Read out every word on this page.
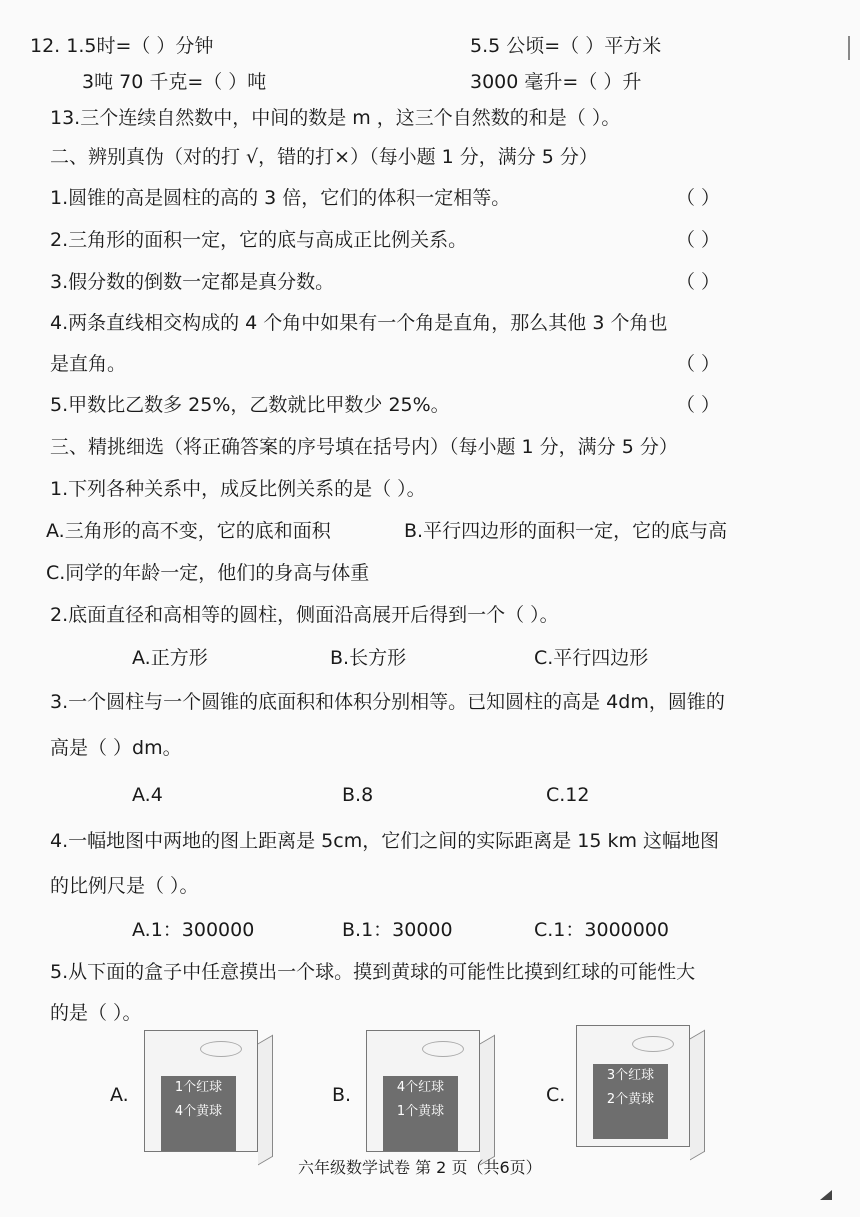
12. 1.5时=（ ）分钟	5.5 公顷=（ ）平方米
3吨 70 千克=（ ）吨	3000 毫升=（ ）升
13.三个连续自然数中，中间的数是 m ，这三个自然数的和是（ ）。
二、辨别真伪（对的打 √，错的打×）（每小题 1 分，满分 5 分）
1.圆锥的高是圆柱的高的 3 倍，它们的体积一定相等。	（ ）
2.三角形的面积一定，它的底与高成正比例关系。	（ ）
3.假分数的倒数一定都是真分数。	（ ）
4.两条直线相交构成的 4 个角中如果有一个角是直角，那么其他 3 个角也
是直角。	（ ）
5.甲数比乙数多 25%，乙数就比甲数少 25%。	（ ）
三、精挑细选（将正确答案的序号填在括号内）（每小题 1 分，满分 5 分）
1.下列各种关系中，成反比例关系的是（ ）。
A.三角形的高不变，它的底和面积	B.平行四边形的面积一定，它的底与高
C.同学的年龄一定，他们的身高与体重
2.底面直径和高相等的圆柱，侧面沿高展开后得到一个（ ）。
A.正方形	B.长方形	C.平行四边形
3.一个圆柱与一个圆锥的底面积和体积分别相等。已知圆柱的高是 4dm，圆锥的
高是（ ）dm。
A.4	B.8	C.12
4.一幅地图中两地的图上距离是 5cm，它们之间的实际距离是 15 km 这幅地图
的比例尺是（ ）。
A.1：300000	B.1：30000	C.1：3000000
5.从下面的盒子中任意摸出一个球。摸到黄球的可能性比摸到红球的可能性大
的是（ ）。
A.	1个红球
4个黄球
B.	4个红球
1个黄球
C.
3个红球
2个黄球
六年级数学试卷 第 2 页（共6页）
